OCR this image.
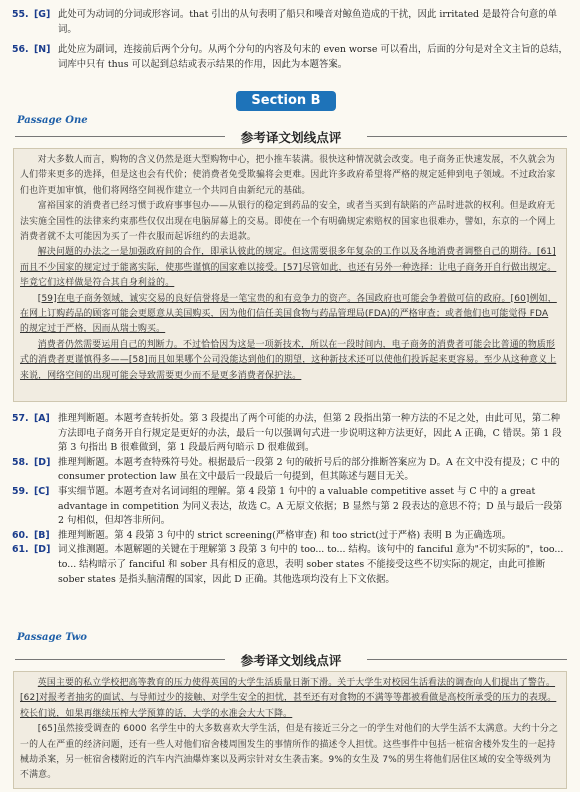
55. [G] 此处可为动词的分词或形容词。that 引出的从句表明了船只和噪音对鲸鱼造成的干扰，因此 irritated 是最符合句意的单词。
56. [N] 此处应为副词，连接前后两个分句。从两个分句的内容及句末的 even worse 可以看出，后面的分句是对全文主旨的总结，词库中只有 thus 可以起到总结或表示结果的作用，因此为本题答案。
Section B
Passage One
参考译文划线点评

对大多数人而言，购物的含义仍然是逛大型购物中心，把小推车装满。很快这种情况就会改变。电子商务正快速发展，不久就会为人们带来更多的选择，但是这也会有代价；使消费者免受欺骗将会更难。因此许多政府希望将严格的规定延伸到电子领域。不过政治家们也许更加审慎，他们将网络空间视作建立一个共同自由新纪元的基础。

富裕国家的消费者已经习惯于政府事事包办——从银行的稳定到药品的安全，或者当买到有缺陷的产品时进款的权利。但是政府无法实施全国性的法律来约束那些仅仅出现在电脑屏幕上的交易。即使在一个有明确规定索赔权的国家也很难办，譬如，东京的一个网上消费者就不太可能因为买了一件衣服而起诉纽约的去退款。

解决问题的办法之一是加强政府间的合作，即承认彼此的规定。但这需要很多年复杂的工作以及各地消费者调整自己的期待。[61]而且不少国家的规定过于能离实际，使那些谨慎的国家难以接受。[57]尽管如此，也还有另外一种选择：让电子商务开自行做出规定。毕竟它们这样做是符合其自身利益的。

[59]在电子商务领域，诚实交易的良好信誉将是一笔宝贵的和有竞争力的资产。各国政府也可能会争着做可信的政府。[60]例如，在网上订购药品的顾客可能会更愿意从美国购买，因为他们信任美国食物与药品管理局(FDA)的严格审查；或者他们也可能觉得 FDA 的规定过于严格，因而从瑞士购买。

消费者仍然需要运用自己的判断力。不过恰恰因为这是一项新技术，所以在一段时间内，电子商务的消费者可能会比普通的物质形式的消费者更谨慎得多——[58]而且如果哪个公司没能达到他们的期望，这种新技术还可以使他们投诉起来更容易。至少从这种意义上来说，网络空间的出现可能会导致需要更少而不是更多消费者保护法。

57. [A] 推理判断题。本题考查转折处。第 3 段提出了两个可能的办法，但第 2 段指出第一种方法的不足之处，由此可见，第二种方法即电子商务开自行规定是更好的办法，最后一句以强调句式进一步说明这种方法更好，因此 A 正确，C 错误。第 1 段第 3 句指出 B 很难做到，第 1 段最后两句暗示 D 很难做到。
58. [D] 推理判断题。本题考查特殊符号处。根据最后一段第 2 句的破折号后的部分推断答案应为 D。A 在文中没有提及；C 中的 consumer protection law 虽在文中最后一段最后一句提到，但其陈述与题目无关。
59. [C] 事实细节题。本题考查对名词词组的理解。第 4 段第 1 句中的 a valuable competitive asset 与 C 中的 a great advantage in competition 为同义表达，故选 C。A 无原文依据；B 显然与第 2 段表达的意思不符；D 虽与最后一段第 2 句相似，但却答非所问。
60. [B] 推理判断题。第 4 段第 3 句中的 strict screening(严格审查) 和 too strict(过于严格) 表明 B 为正确选项。
61. [D] 词义推测题。本题解题的关键在于理解第 3 段第 3 句中的 too... to... 结构。该句中的 fanciful 意为"不切实际的"，too... to... 结构暗示了 fanciful 和 sober 具有相反的意思，表明 sober states 不能接受这些不切实际的规定，由此可推断 sober states 是指头脑清醒的国家，因此 D 正确。其他选项均没有上下文依据。
Passage Two
参考译文划线点评

英国主要的私立学校把高等教育的压力使得英国的大学生活质量日渐下滑。关于大学生对校园生活看法的调查向人们提出了警告。[62]对报考者抽劣的面试、与导师过少的接触、对学生安全的担忧，甚至还有对食物的不满等等都被看做是高校所承受的压力的表现。校长们说，如果再继续压榨大学预算的话，大学的水准会大大下降。

[65]虽然接受调查的 6000 名学生中的大多数喜欢大学生活，但是有接近三分之一的学生对他们的大学生活不太满意。大约十分之一的人在严重的经济问题，还有一些人对他们宿舍楼周围发生的事情所作的描述令人担忧。这些事件中包括一桩宿舍楼外发生的一起持械劫杀案，另一桩宿舍楼附近的汽车内汽油爆炸案以及两宗针对女生袭击案。9%的女生及 7%的男生将他们居住区域的安全等级列为不满意。
